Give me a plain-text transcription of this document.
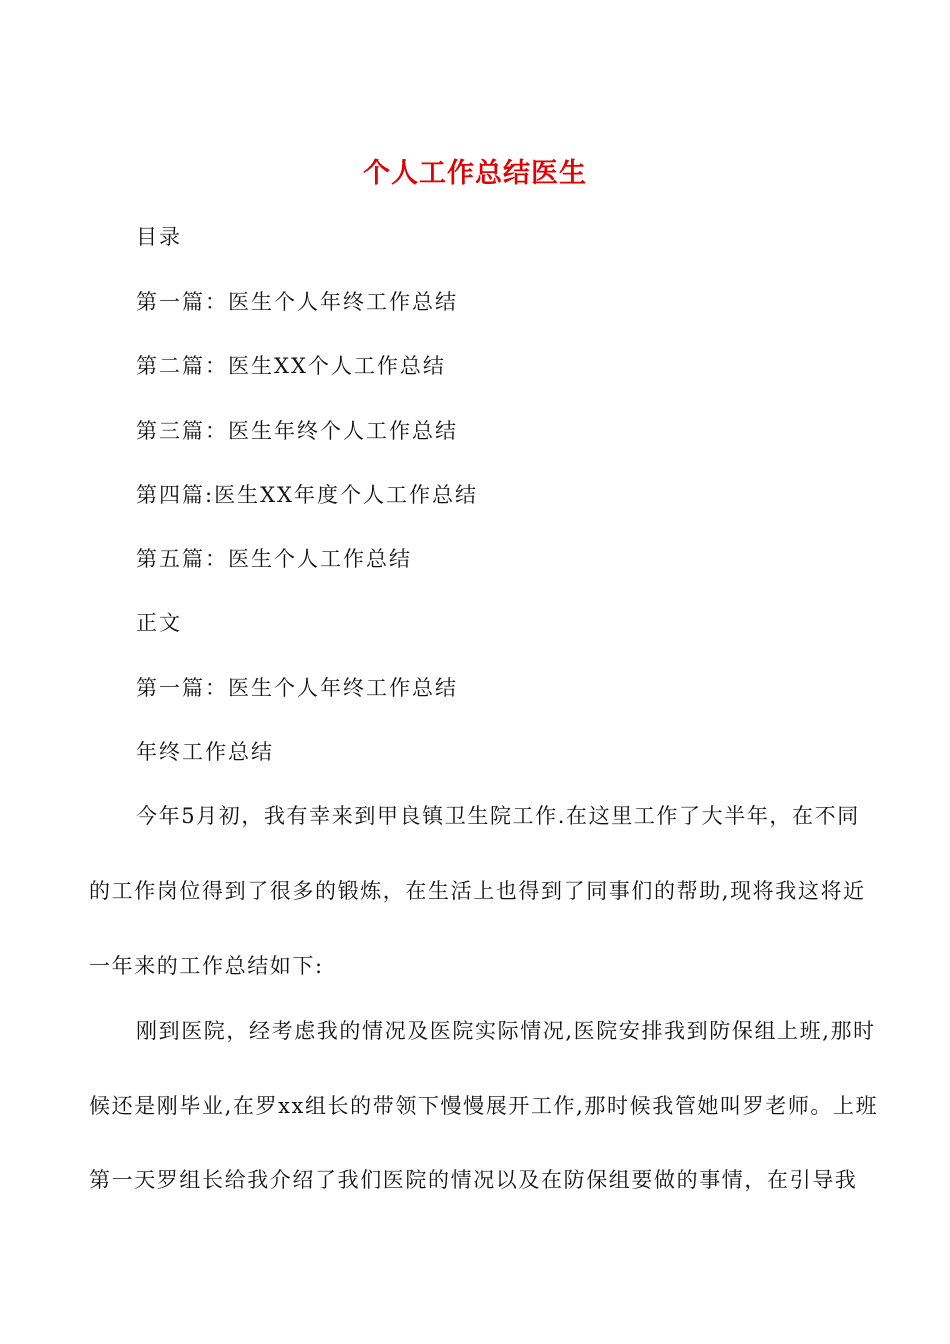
个人工作总结医生
目录
第一篇：医生个人年终工作总结
第二篇：医生XX个人工作总结
第三篇：医生年终个人工作总结
第四篇:医生XX年度个人工作总结
第五篇：医生个人工作总结
正文
第一篇：医生个人年终工作总结
年终工作总结
今年5月初，我有幸来到甲良镇卫生院工作.在这里工作了大半年，在不同
的工作岗位得到了很多的锻炼，在生活上也得到了同事们的帮助,现将我这将近
一年来的工作总结如下:
刚到医院，经考虑我的情况及医院实际情况,医院安排我到防保组上班,那时
候还是刚毕业,在罗xx组长的带领下慢慢展开工作,那时候我管她叫罗老师。上班
第一天罗组长给我介绍了我们医院的情况以及在防保组要做的事情，在引导我
